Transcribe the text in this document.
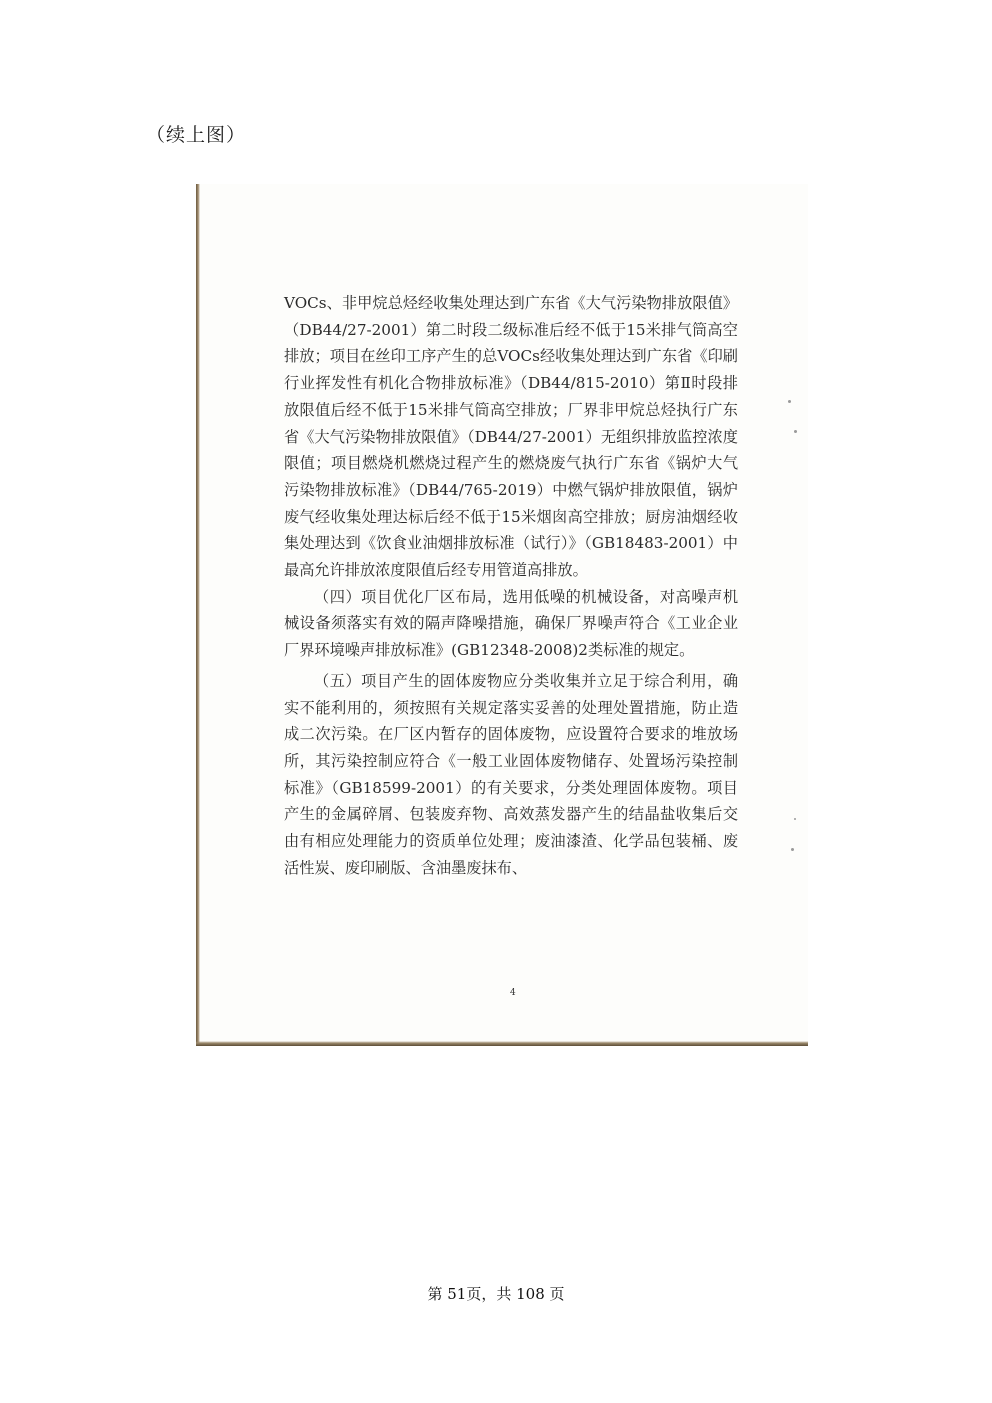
（续上图）

VOCs、非甲烷总烃经收集处理达到广东省《大气污染物排放限值》（DB44/27-2001）第二时段二级标准后经不低于15米排气筒高空排放；项目在丝印工序产生的总VOCs经收集处理达到广东省《印刷行业挥发性有机化合物排放标准》（DB44/815-2010）第Ⅱ时段排放限值后经不低于15米排气筒高空排放；厂界非甲烷总烃执行广东省《大气污染物排放限值》（DB44/27-2001）无组织排放监控浓度限值；项目燃烧机燃烧过程产生的燃烧废气执行广东省《锅炉大气污染物排放标准》（DB44/765-2019）中燃气锅炉排放限值，锅炉废气经收集处理达标后经不低于15米烟囱高空排放；厨房油烟经收集处理达到《饮食业油烟排放标准（试行）》（GB18483-2001）中最高允许排放浓度限值后经专用管道高排放。

（四）项目优化厂区布局，选用低噪的机械设备，对高噪声机械设备须落实有效的隔声降噪措施，确保厂界噪声符合《工业企业厂界环境噪声排放标准》(GB12348-2008)2类标准的规定。

（五）项目产生的固体废物应分类收集并立足于综合利用，确实不能利用的，须按照有关规定落实妥善的处理处置措施，防止造成二次污染。在厂区内暂存的固体废物，应设置符合要求的堆放场所，其污染控制应符合《一般工业固体废物储存、处置场污染控制标准》（GB18599-2001）的有关要求，分类处理固体废物。项目产生的金属碎屑、包装废弃物、高效蒸发器产生的结晶盐收集后交由有相应处理能力的资质单位处理；废油漆渣、化学品包装桶、废活性炭、废印刷版、含油墨废抹布、

4
第 51页，共 108 页
